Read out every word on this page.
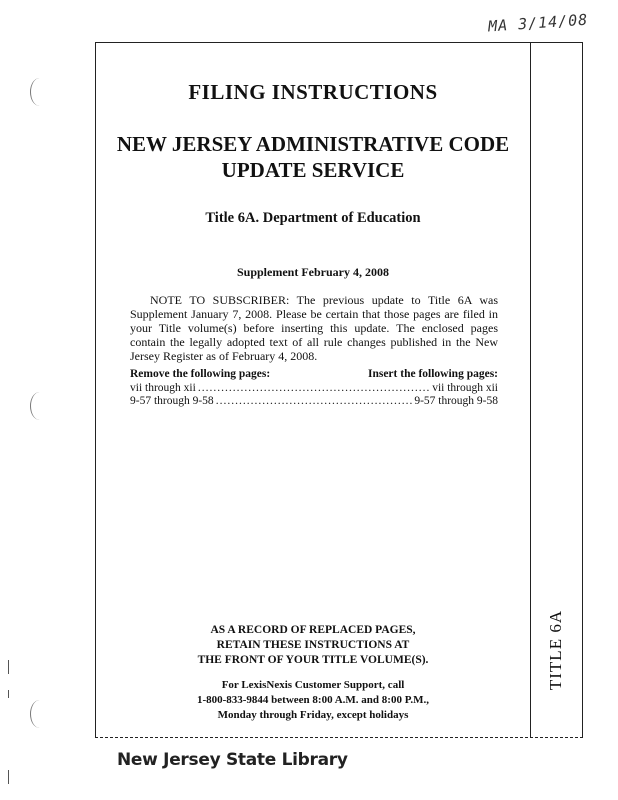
MA 3/14/08
FILING INSTRUCTIONS
NEW JERSEY ADMINISTRATIVE CODE
UPDATE SERVICE
Title 6A. Department of Education
Supplement February 4, 2008

NOTE TO SUBSCRIBER: The previous update to Title 6A was Supplement January 7, 2008. Please be certain that those pages are filed in your Title volume(s) before inserting this update. The enclosed pages contain the legally adopted text of all rule changes published in the New Jersey Register as of February 4, 2008.

Remove the following pages:	Insert the following pages:
vii through xii .....	vii through xii
9-57 through 9-58 .....	9-57 through 9-58
AS A RECORD OF REPLACED PAGES,
RETAIN THESE INSTRUCTIONS AT
THE FRONT OF YOUR TITLE VOLUME(S).
For LexisNexis Customer Support, call
1-800-833-9844 between 8:00 A.M. and 8:00 P.M.,
Monday through Friday, except holidays
TITLE 6A
New Jersey State Library
